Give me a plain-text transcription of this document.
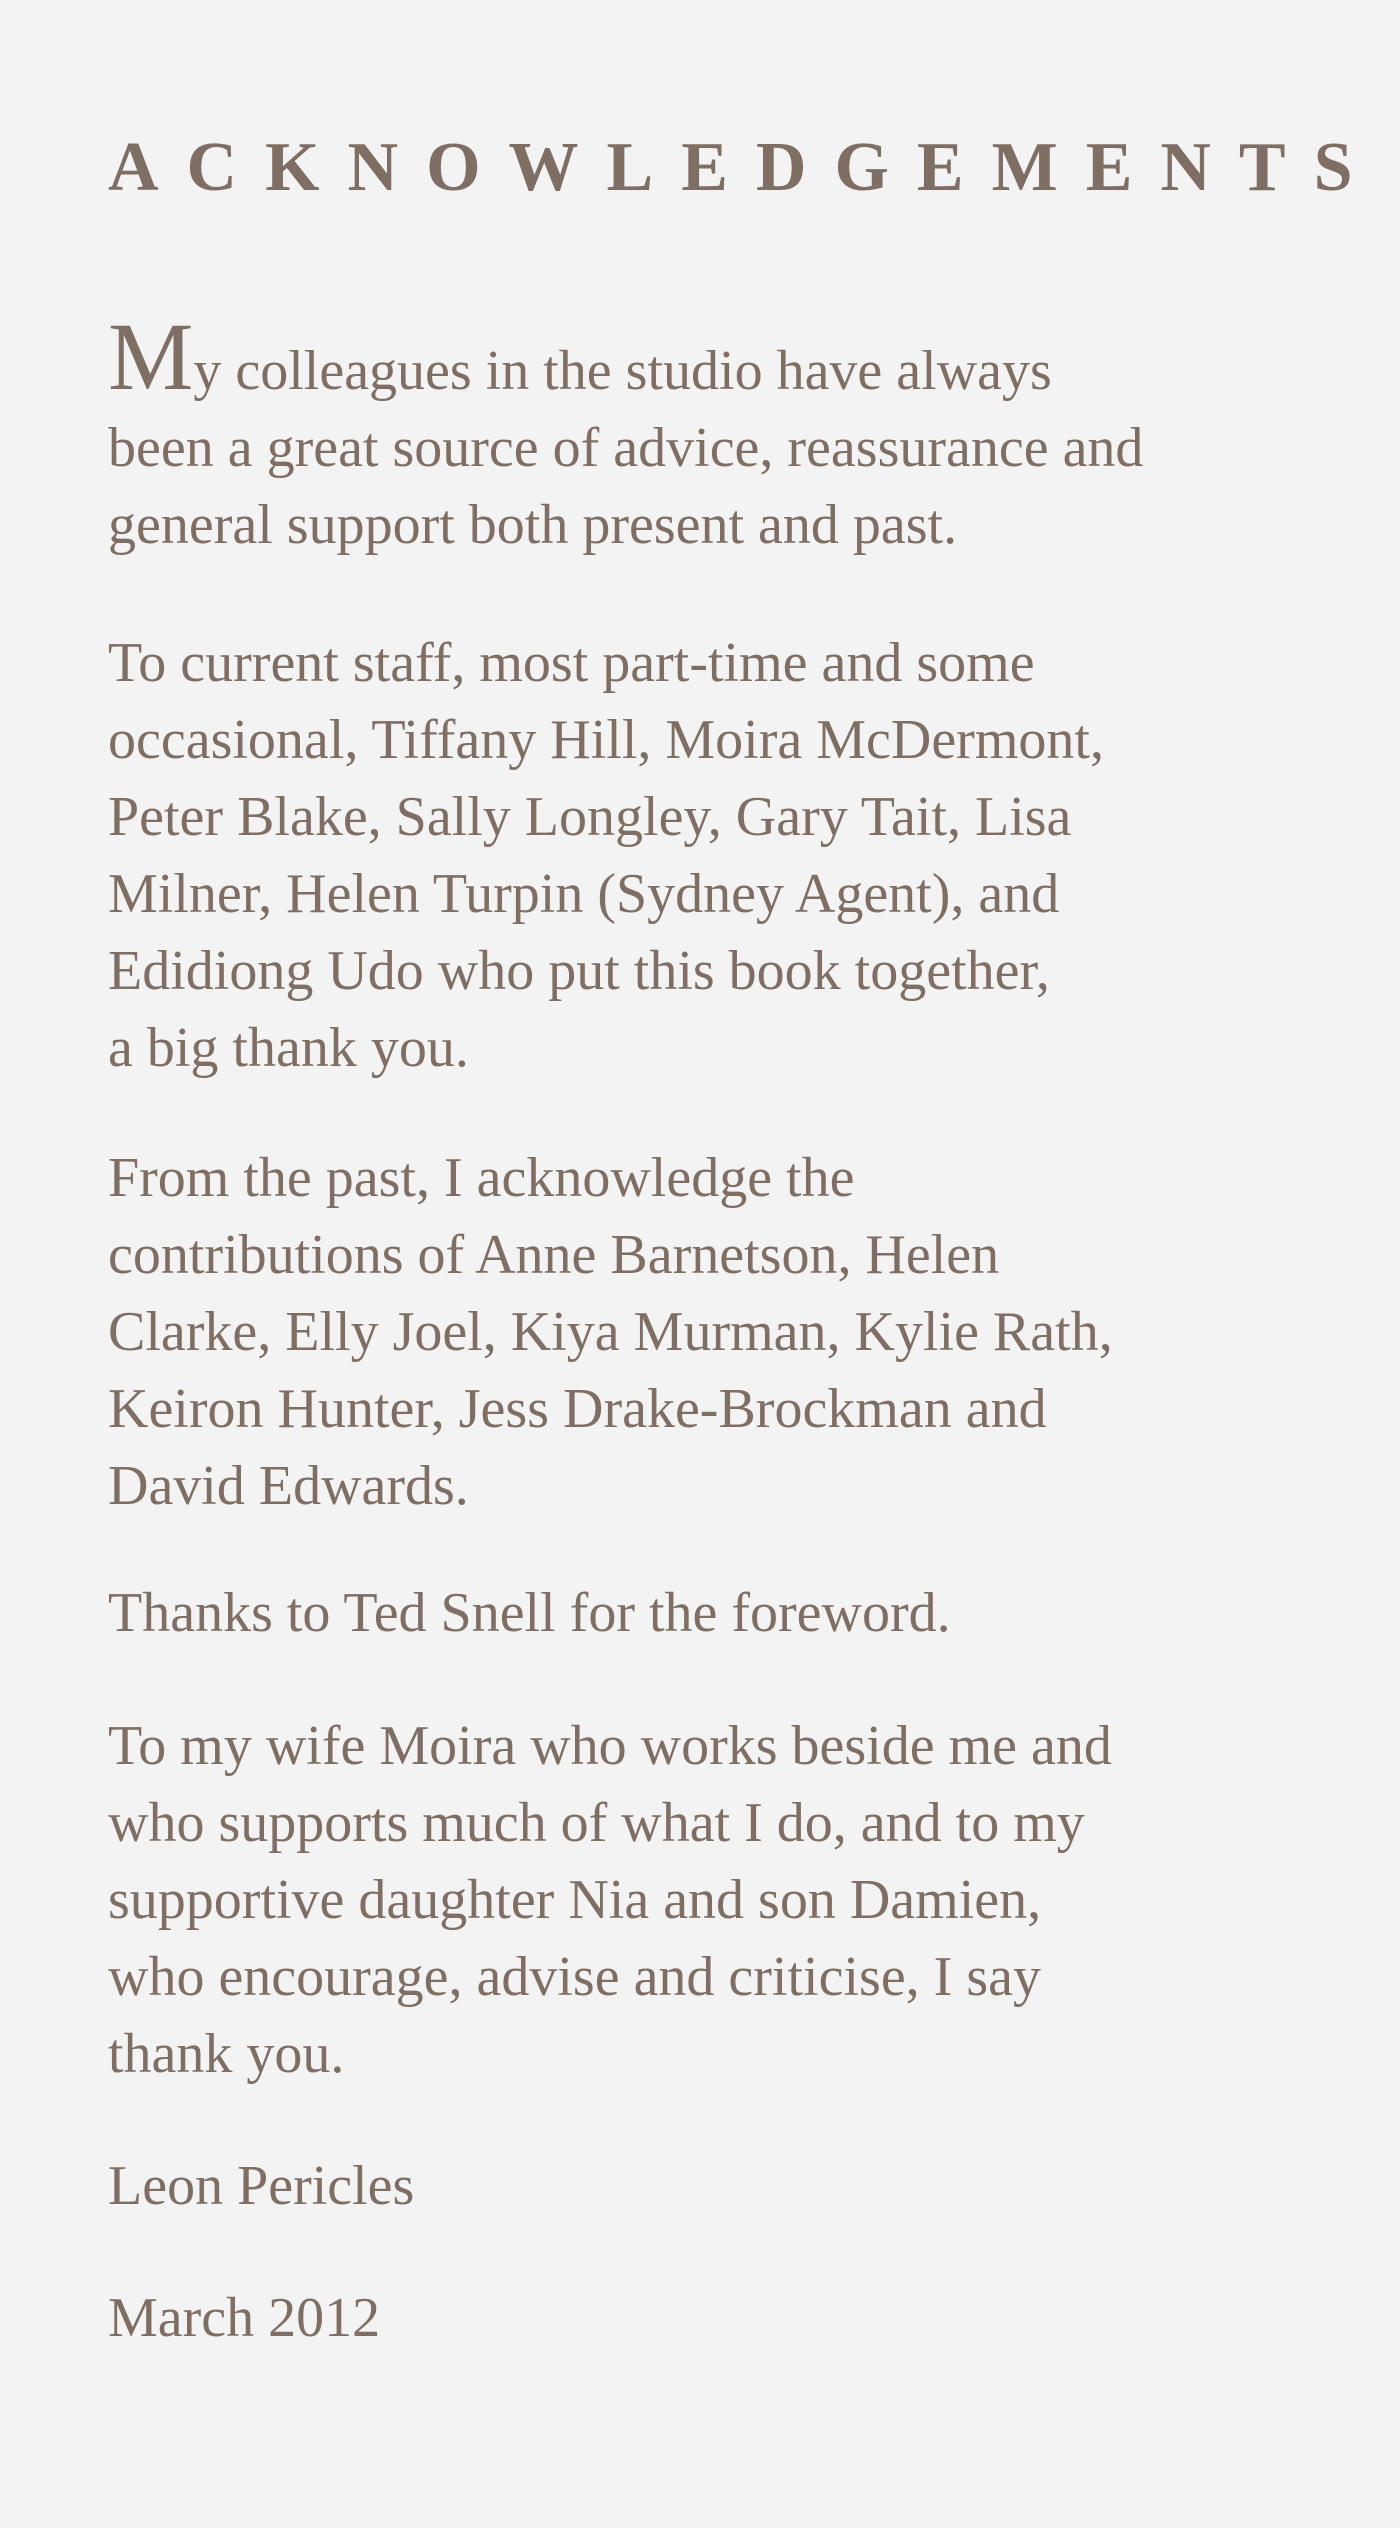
ACKNOWLEDGEMENTS

My colleagues in the studio have always
been a great source of advice, reassurance and
general support both present and past.

To current staff, most part-time and some
occasional, Tiffany Hill, Moira McDermont,
Peter Blake, Sally Longley, Gary Tait, Lisa
Milner, Helen Turpin (Sydney Agent), and
Edidiong Udo who put this book together,
a big thank you.

From the past, I acknowledge the
contributions of Anne Barnetson, Helen
Clarke, Elly Joel, Kiya Murman, Kylie Rath,
Keiron Hunter, Jess Drake-Brockman and
David Edwards.

Thanks to Ted Snell for the foreword.

To my wife Moira who works beside me and
who supports much of what I do, and to my
supportive daughter Nia and son Damien,
who encourage, advise and criticise, I say
thank you.

Leon Pericles

March 2012
